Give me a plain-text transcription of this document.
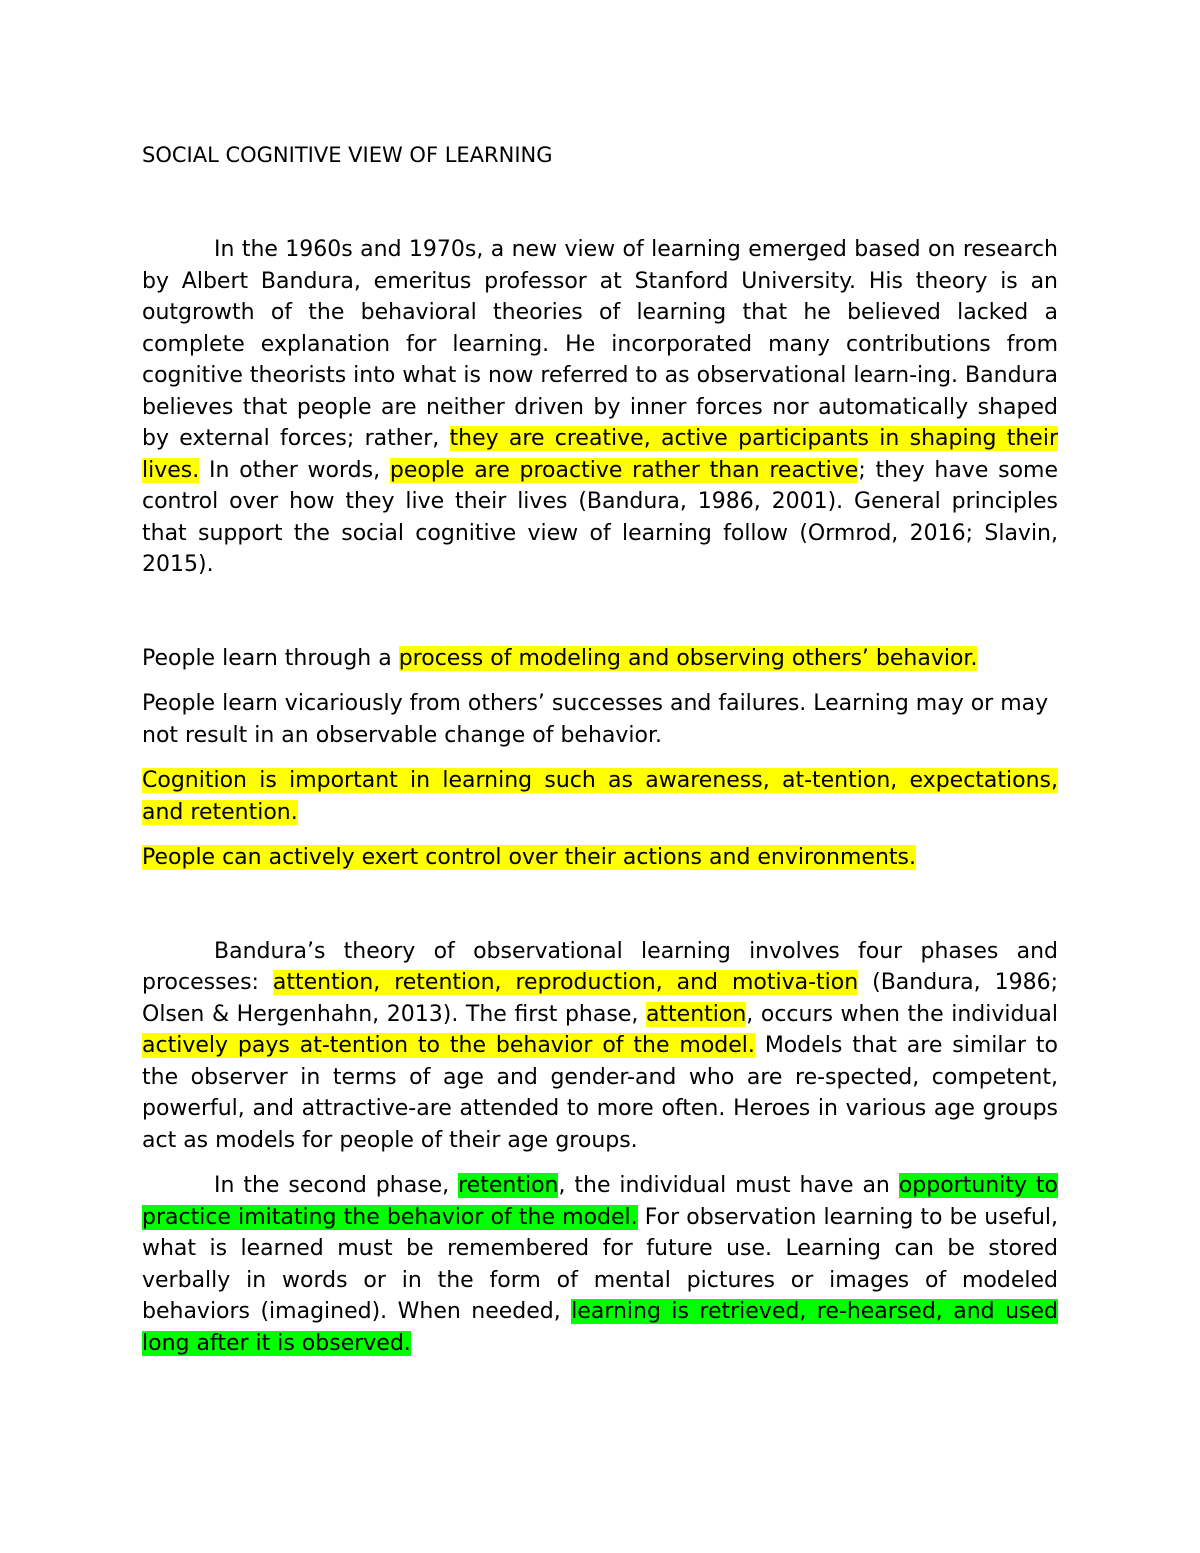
SOCIAL COGNITIVE VIEW OF LEARNING

In the 1960s and 1970s, a new view of learning emerged based on research by Albert Bandura, emeritus professor at Stanford University. His theory is an outgrowth of the behavioral theories of learning that he believed lacked a complete explanation for learning. He incorporated many contributions from cognitive theorists into what is now referred to as observational learn-ing. Bandura believes that people are neither driven by inner forces nor automatically shaped by external forces; rather, they are creative, active participants in shaping their lives. In other words, people are proactive rather than reactive; they have some control over how they live their lives (Bandura, 1986, 2001). General principles that support the social cognitive view of learning follow (Ormrod, 2016; Slavin, 2015).

People learn through a process of modeling and observing others’ behavior.

People learn vicariously from others’ successes and failures. Learning may or may not result in an observable change of behavior.

Cognition is important in learning such as awareness, at-tention, expectations, and retention.

People can actively exert control over their actions and environments.

Bandura’s theory of observational learning involves four phases and processes: attention, retention, reproduction, and motiva-tion (Bandura, 1986; Olsen & Hergenhahn, 2013). The first phase, attention, occurs when the individual actively pays at-tention to the behavior of the model. Models that are similar to the observer in terms of age and gender-and who are re-spected, competent, powerful, and attractive-are attended to more often. Heroes in various age groups act as models for people of their age groups.

In the second phase, retention, the individual must have an opportunity to practice imitating the behavior of the model. For observation learning to be useful, what is learned must be remembered for future use. Learning can be stored verbally in words or in the form of mental pictures or images of modeled behaviors (imagined). When needed, learning is retrieved, re-hearsed, and used long after it is observed.
